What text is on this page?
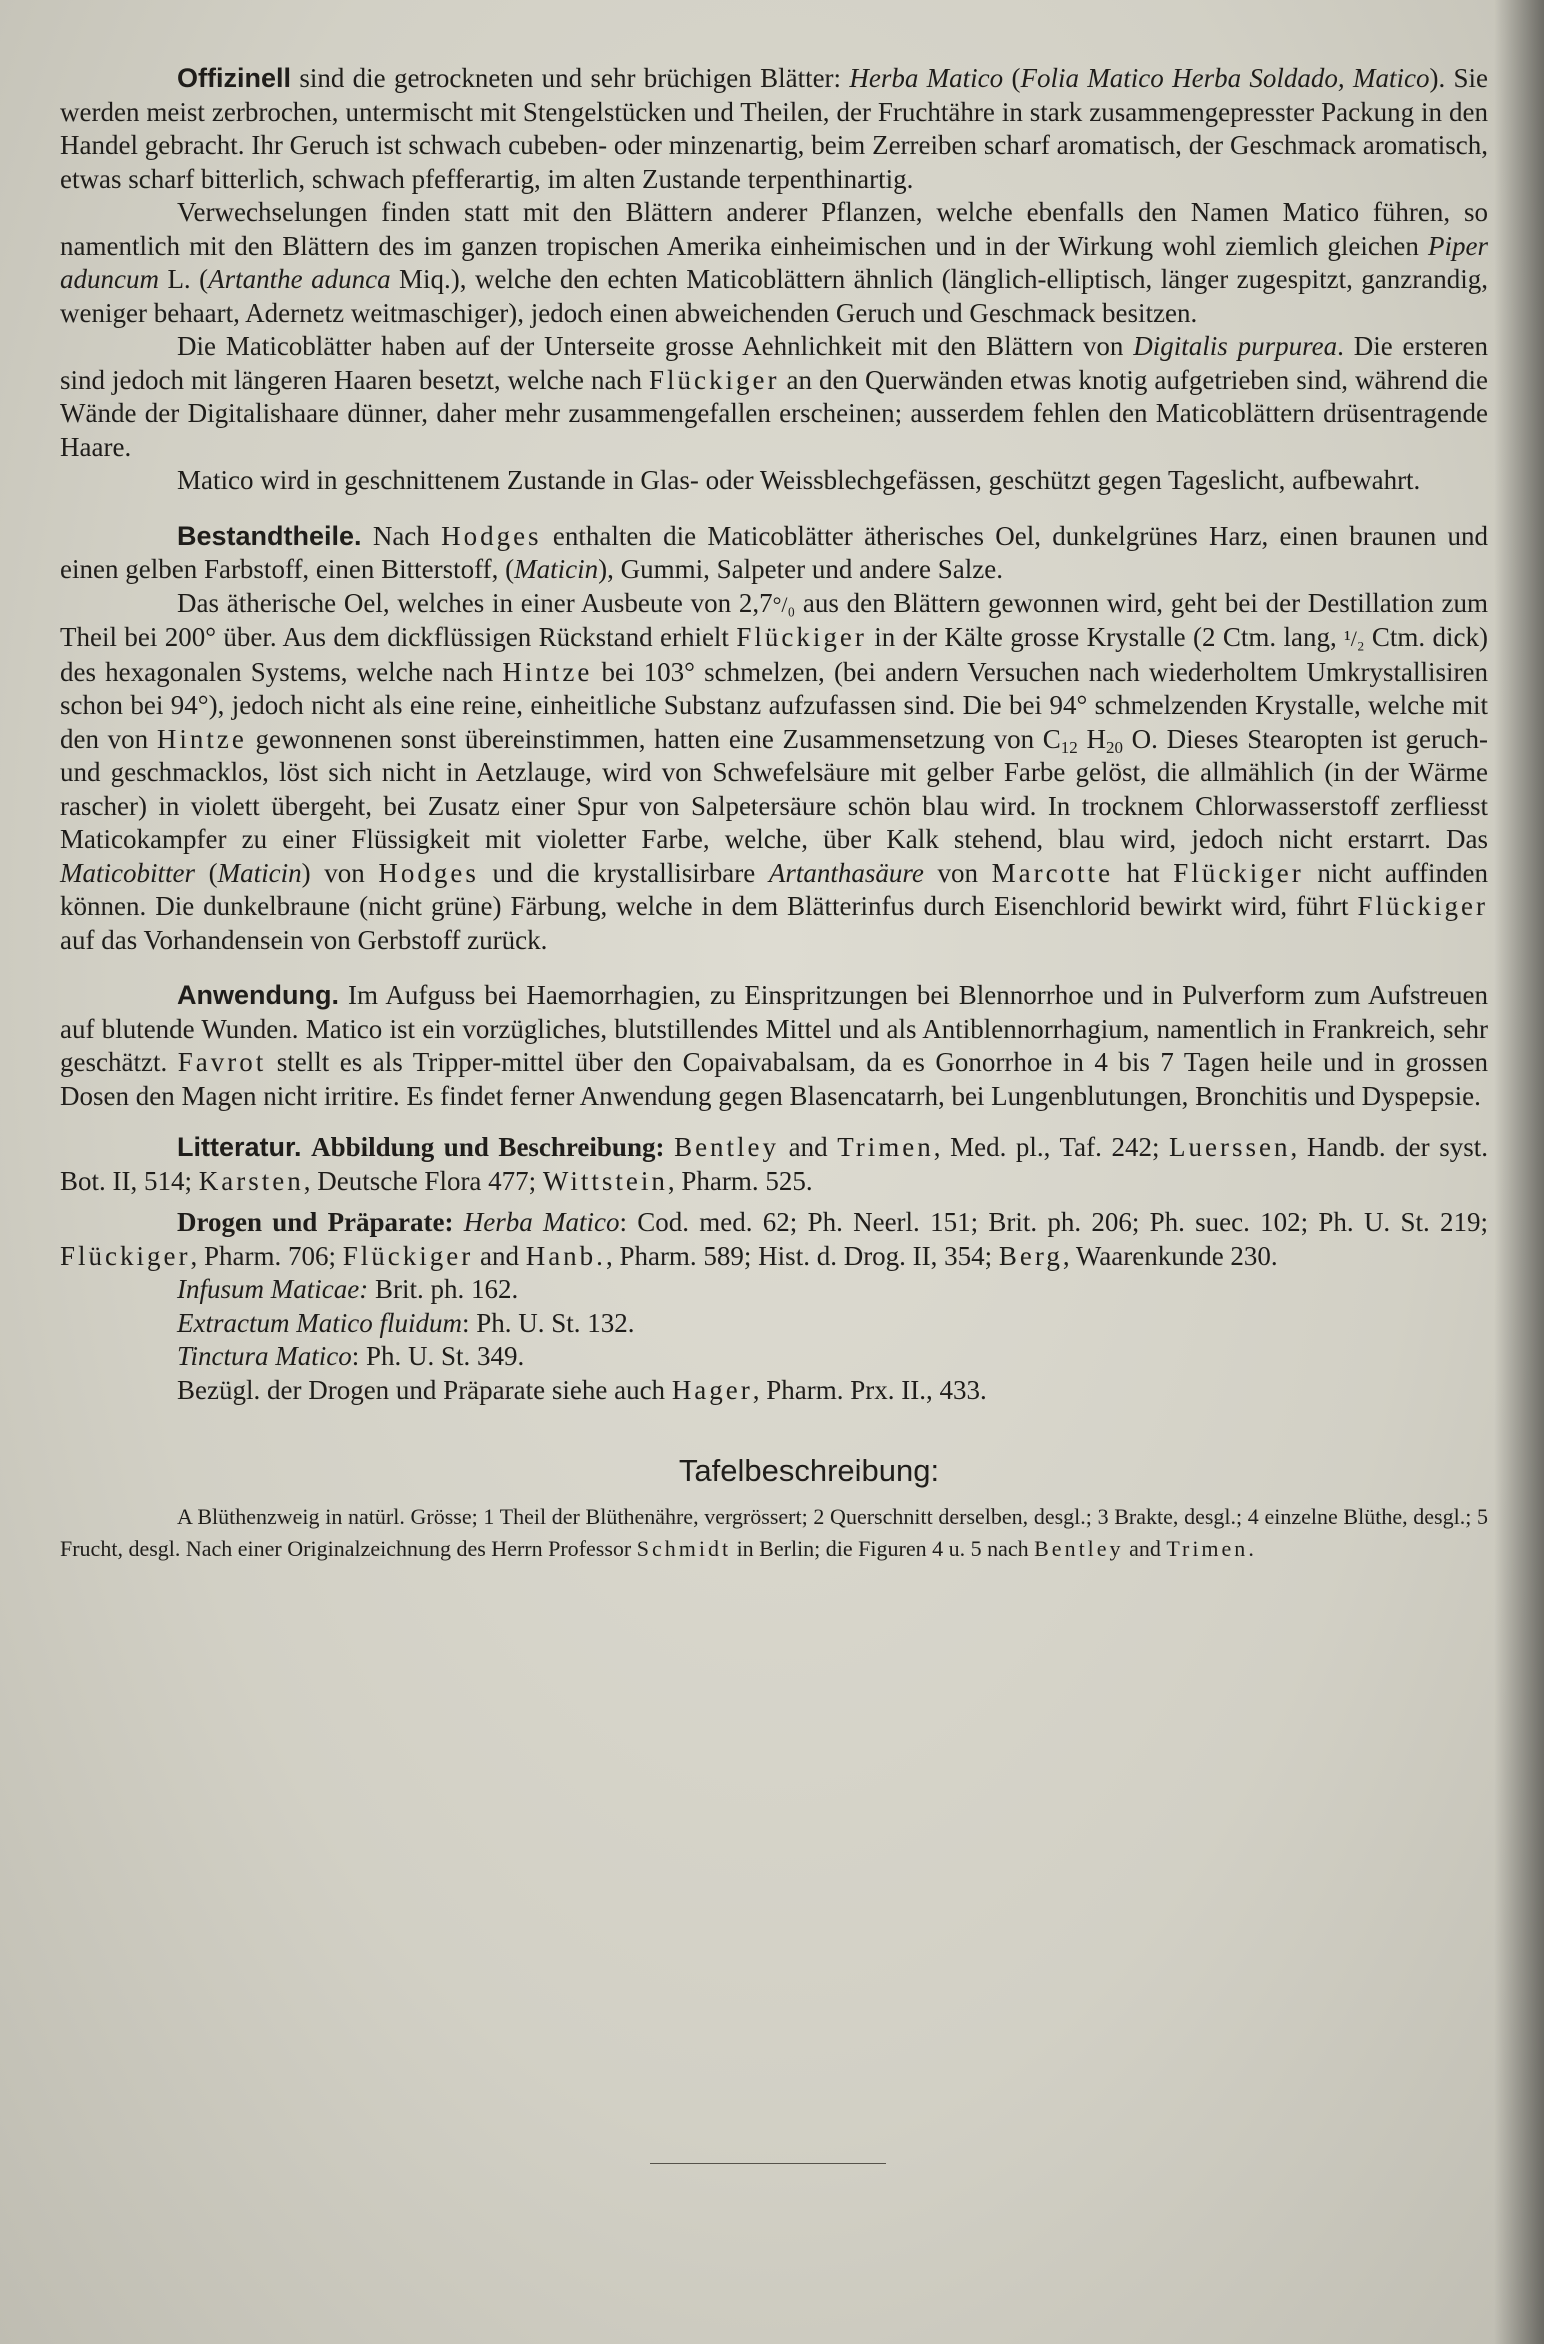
Offizinell sind die getrockneten und sehr brüchigen Blätter: Herba Matico (Folia Matico Herba Soldado, Matico). Sie werden meist zerbrochen, untermischt mit Stengelstücken und Theilen, der Fruchtähre in stark zusammengepresster Packung in den Handel gebracht. Ihr Geruch ist schwach cubeben- oder minzenartig, beim Zerreiben scharf aromatisch, der Geschmack aromatisch, etwas scharf bitterlich, schwach pfefferartig, im alten Zustande terpenthinartig.

Verwechselungen finden statt mit den Blättern anderer Pflanzen, welche ebenfalls den Namen Matico führen, so namentlich mit den Blättern des im ganzen tropischen Amerika einheimischen und in der Wirkung wohl ziemlich gleichen Piper aduncum L. (Artanthe adunca Miq.), welche den echten Maticoblättern ähnlich (länglich-elliptisch, länger zugespitzt, ganzrandig, weniger behaart, Adernetz weitmaschiger), jedoch einen abweichenden Geruch und Geschmack besitzen.

Die Maticoblätter haben auf der Unterseite grosse Aehnlichkeit mit den Blättern von Digitalis purpurea. Die ersteren sind jedoch mit längeren Haaren besetzt, welche nach Flückiger an den Querwänden etwas knotig aufgetrieben sind, während die Wände der Digitalishaare dünner, daher mehr zusammengefallen erscheinen; ausserdem fehlen den Maticoblättern drüsentragende Haare.

Matico wird in geschnittenem Zustande in Glas- oder Weissblechgefässen, geschützt gegen Tageslicht, aufbewahrt.

Bestandtheile. Nach Hodges enthalten die Maticoblätter ätherisches Oel, dunkelgrünes Harz, einen braunen und einen gelben Farbstoff, einen Bitterstoff, (Maticin), Gummi, Salpeter und andere Salze.

Das ätherische Oel, welches in einer Ausbeute von 2,7°/₀ aus den Blättern gewonnen wird, geht bei der Destillation zum Theil bei 200° über. Aus dem dickflüssigen Rückstand erhielt Flückiger in der Kälte grosse Krystalle (2 Ctm. lang, ¹/₂ Ctm. dick) des hexagonalen Systems, welche nach Hintze bei 103° schmelzen, (bei andern Versuchen nach wiederholtem Umkrystallisiren schon bei 94°), jedoch nicht als eine reine, einheitliche Substanz aufzufassen sind. Die bei 94° schmelzenden Krystalle, welche mit den von Hintze gewonnenen sonst übereinstimmen, hatten eine Zusammensetzung von $C_{12}$ $H_{20}$ O. Dieses Stearopten ist geruch- und geschmacklos, löst sich nicht in Aetzlauge, wird von Schwefelsäure mit gelber Farbe gelöst, die allmählich (in der Wärme rascher) in violett übergeht, bei Zusatz einer Spur von Salpetersäure schön blau wird. In trocknem Chlorwasserstoff zerfliesst Maticokampfer zu einer Flüssigkeit mit violetter Farbe, welche, über Kalk stehend, blau wird, jedoch nicht erstarrt. Das Maticobitter (Maticin) von Hodges und die krystallisirbare Artanthasäure von Marcotte hat Flückiger nicht auffinden können. Die dunkelbraune (nicht grüne) Färbung, welche in dem Blätterinfus durch Eisenchlorid bewirkt wird, führt Flückiger auf das Vorhandensein von Gerbstoff zurück.

Anwendung. Im Aufguss bei Haemorrhagien, zu Einspritzungen bei Blennorrhoe und in Pulverform zum Aufstreuen auf blutende Wunden. Matico ist ein vorzügliches, blutstillendes Mittel und als Antiblennorrhagium, namentlich in Frankreich, sehr geschätzt. Favrot stellt es als Tripper-mittel über den Copaivabalsam, da es Gonorrhoe in 4 bis 7 Tagen heile und in grossen Dosen den Magen nicht irritire. Es findet ferner Anwendung gegen Blasencatarrh, bei Lungenblutungen, Bronchitis und Dyspepsie.

Litteratur. Abbildung und Beschreibung: Bentley and Trimen, Med. pl., Taf. 242; Luerssen, Handb. der syst. Bot. II, 514; Karsten, Deutsche Flora 477; Wittstein, Pharm. 525.

Drogen und Präparate: Herba Matico: Cod. med. 62; Ph. Neerl. 151; Brit. ph. 206; Ph. suec. 102; Ph. U. St. 219; Flückiger, Pharm. 706; Flückiger and Hanb., Pharm. 589; Hist. d. Drog. II, 354; Berg, Waarenkunde 230.

Infusum Maticae: Brit. ph. 162.

Extractum Matico fluidum: Ph. U. St. 132.

Tinctura Matico: Ph. U. St. 349.

Bezügl. der Drogen und Präparate siehe auch Hager, Pharm. Prx. II., 433.

Tafelbeschreibung:

A Blüthenzweig in natürl. Grösse; 1 Theil der Blüthenähre, vergrössert; 2 Querschnitt derselben, desgl.; 3 Brakte, desgl.; 4 einzelne Blüthe, desgl.; 5 Frucht, desgl. Nach einer Originalzeichnung des Herrn Professor Schmidt in Berlin; die Figuren 4 u. 5 nach Bentley and Trimen.
